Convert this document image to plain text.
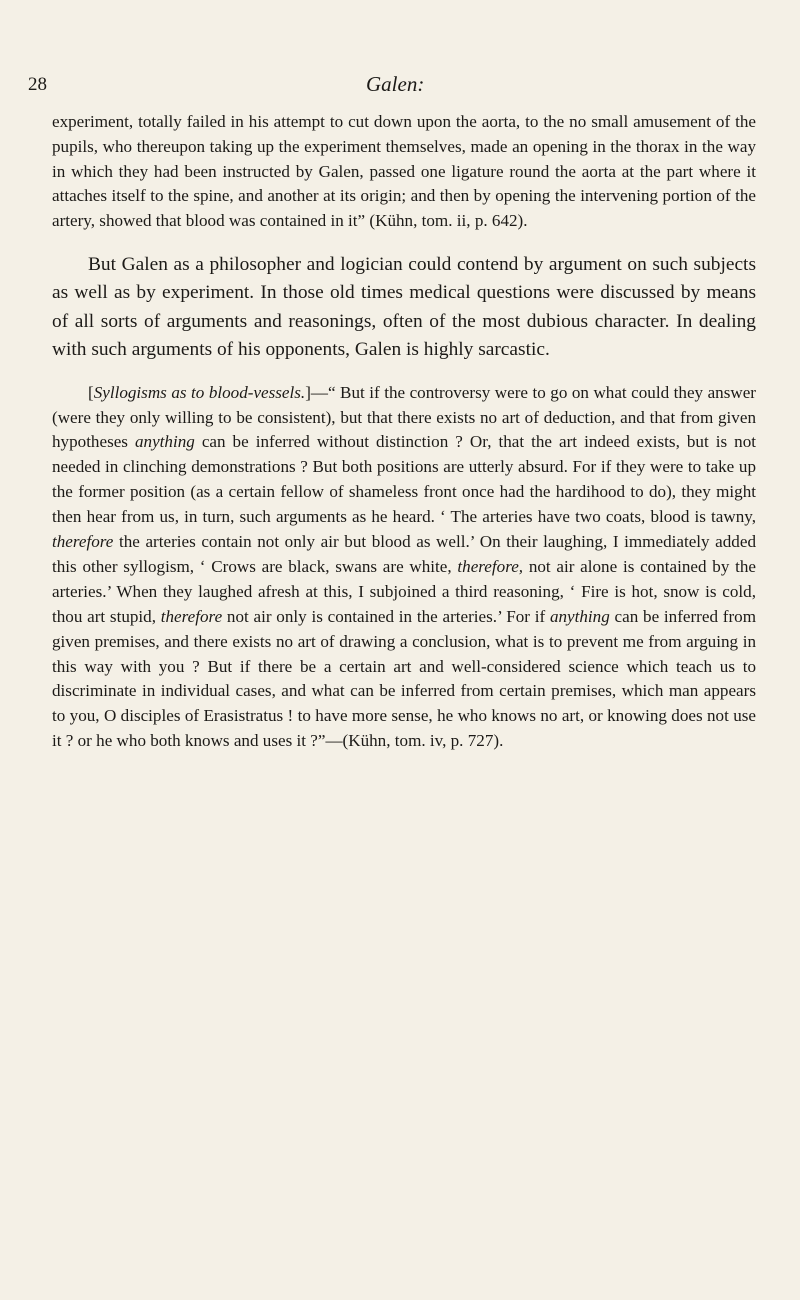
28	Galen:

experiment, totally failed in his attempt to cut down upon the aorta, to the no small amusement of the pupils, who thereupon taking up the experiment themselves, made an opening in the thorax in the way in which they had been instructed by Galen, passed one ligature round the aorta at the part where it attaches itself to the spine, and another at its origin; and then by opening the intervening portion of the artery, showed that blood was contained in it” (Kühn, tom. ii, p. 642).

But Galen as a philosopher and logician could contend by argument on such subjects as well as by experiment. In those old times medical questions were discussed by means of all sorts of arguments and reasonings, often of the most dubious character. In dealing with such arguments of his opponents, Galen is highly sarcastic.

[Syllogisms as to blood-vessels.]—“ But if the controversy were to go on what could they answer (were they only willing to be consistent), but that there exists no art of deduction, and that from given hypotheses anything can be inferred without distinction ? Or, that the art indeed exists, but is not needed in clinching demonstrations ? But both positions are utterly absurd. For if they were to take up the former position (as a certain fellow of shameless front once had the hardihood to do), they might then hear from us, in turn, such arguments as he heard. ‘ The arteries have two coats, blood is tawny, therefore the arteries contain not only air but blood as well.’ On their laughing, I immediately added this other syllogism, ‘ Crows are black, swans are white, therefore, not air alone is contained by the arteries.’ When they laughed afresh at this, I subjoined a third reasoning, ‘ Fire is hot, snow is cold, thou art stupid, therefore not air only is contained in the arteries.’ For if anything can be inferred from given premises, and there exists no art of drawing a conclusion, what is to prevent me from arguing in this way with you ? But if there be a certain art and well-considered science which teach us to discriminate in individual cases, and what can be inferred from certain premises, which man appears to you, O disciples of Erasistratus ! to have more sense, he who knows no art, or knowing does not use it ? or he who both knows and uses it ?”—(Kühn, tom. iv, p. 727).
